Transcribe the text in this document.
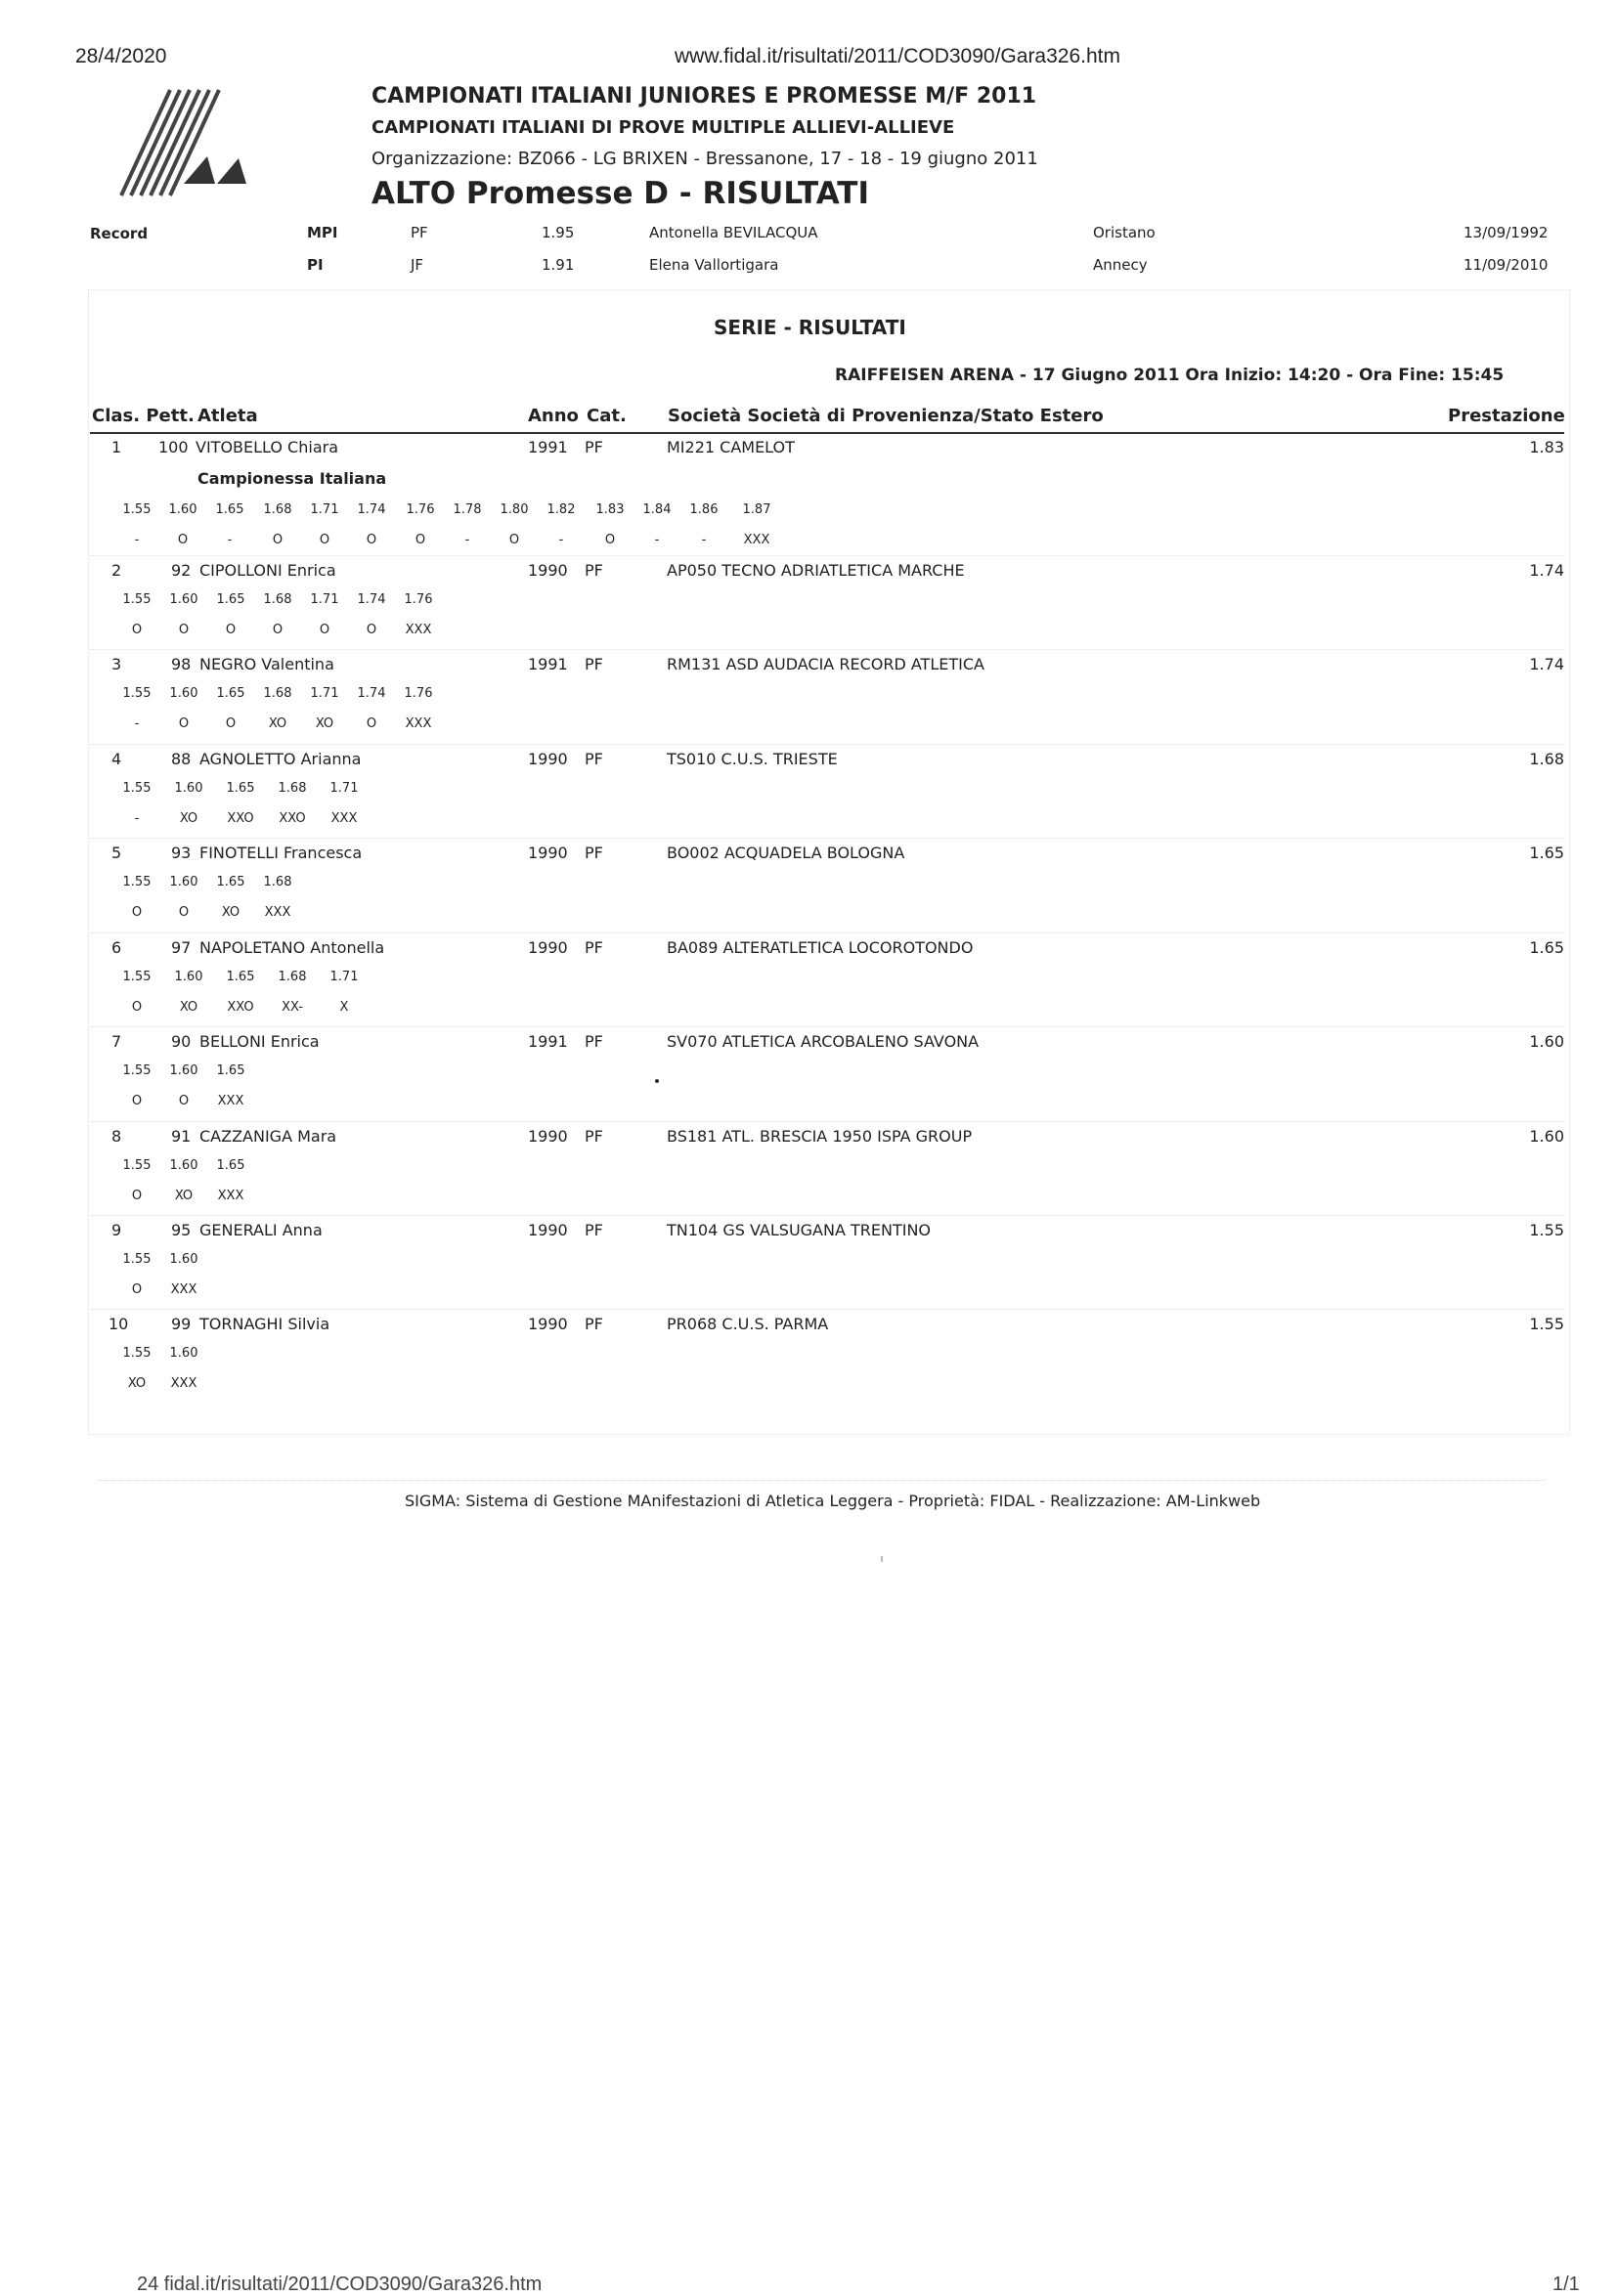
28/4/2020	www.fidal.it/risultati/2011/COD3090/Gara326.htm
CAMPIONATI ITALIANI JUNIORES E PROMESSE M/F 2011
CAMPIONATI ITALIANI DI PROVE MULTIPLE ALLIEVI-ALLIEVE
Organizzazione: BZ066 - LG BRIXEN - Bressanone, 17 - 18 - 19 giugno 2011
ALTO Promesse D - RISULTATI
Record	MPI	PF	1.95	Antonella BEVILACQUA	Oristano	13/09/1992
PI	JF	1.91	Elena Vallortigara	Annecy	11/09/2010
SERIE - RISULTATI
RAIFFEISEN ARENA - 17 Giugno 2011 Ora Inizio: 14:20 - Ora Fine: 15:45
Clas. Pett. Atleta	Anno Cat. Società Società di Provenienza/Stato Estero	Prestazione
1 100 VITOBELLO Chiara	1991 PF	MI221 CAMELOT	1.83
Campionessa Italiana
1.55	1.60	1.65	1.68	1.71	1.74	1.76	1.78	1.80	1.82	1.83	1.84	1.86	1.87
-	O	-	O	O	O	O	-	O	-	O	-	-	XXX
2	92 CIPOLLONI Enrica	1990 PF	AP050 TECNO ADRIATLETICA MARCHE	1.74
1.55	1.60	1.65	1.68	1.71	1.74	1.76
O	O	O	O	O	O	XXX
3	98 NEGRO Valentina	1991 PF	RM131 ASD AUDACIA RECORD ATLETICA	1.74
1.55	1.60	1.65	1.68	1.71	1.74	1.76
-	O	O	XO	XO	O	XXX
4	88 AGNOLETTO Arianna	1990 PF	TS010 C.U.S. TRIESTE	1.68
1.55	1.60	1.65	1.68	1.71
-	XO	XXO	XXO	XXX
5	93 FINOTELLI Francesca	1990 PF	BO002 ACQUADELA BOLOGNA	1.65
1.55	1.60	1.65	1.68
O	O	XO	XXX
6	97 NAPOLETANO Antonella	1990 PF	BA089 ALTERATLETICA LOCOROTONDO	1.65
1.55	1.60	1.65	1.68	1.71
O	XO	XXO	XX-	X
7	90 BELLONI Enrica	1991 PF	SV070 ATLETICA ARCOBALENO SAVONA	1.60
1.55	1.60	1.65
O	O	XXX
8	91 CAZZANIGA Mara	1990 PF	BS181 ATL. BRESCIA 1950 ISPA GROUP	1.60
1.55	1.60	1.65
O	XO	XXX
9	95 GENERALI Anna	1990 PF	TN104 GS VALSUGANA TRENTINO	1.55
1.55	1.60
O	XXX
10	99 TORNAGHI Silvia	1990 PF	PR068 C.U.S. PARMA	1.55
1.55	1.60
XO	XXX
SIGMA: Sistema di Gestione MAnifestazioni di Atletica Leggera - Proprietà: FIDAL - Realizzazione: AM-Linkweb
24 fidal.it/risultati/2011/COD3090/Gara326.htm	1/1
